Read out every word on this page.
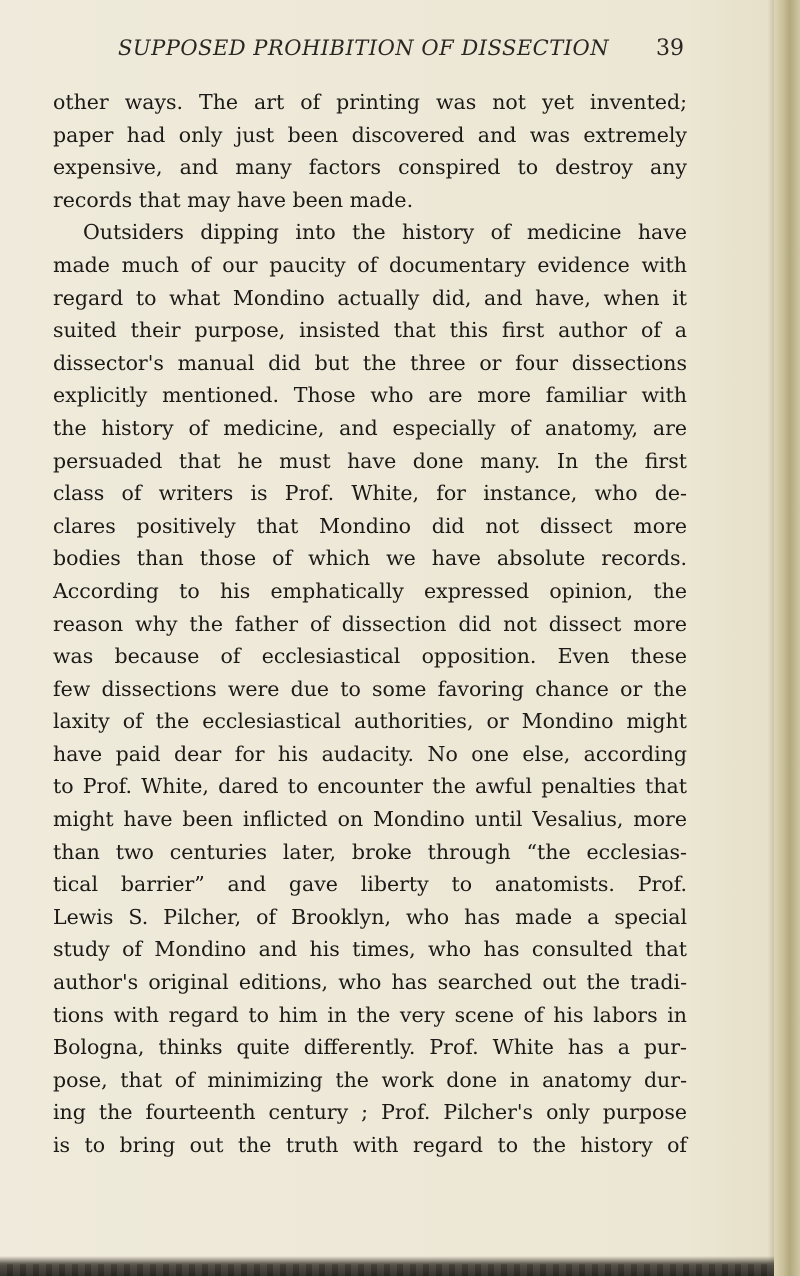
SUPPOSED PROHIBITION OF DISSECTION 39
other ways. The art of printing was not yet invented;
paper had only just been discovered and was extremely
expensive, and many factors conspired to destroy any
records that may have been made.
Outsiders dipping into the history of medicine have
made much of our paucity of documentary evidence with
regard to what Mondino actually did, and have, when it
suited their purpose, insisted that this first author of a
dissector's manual did but the three or four dissections
explicitly mentioned. Those who are more familiar with
the history of medicine, and especially of anatomy, are
persuaded that he must have done many. In the first
class of writers is Prof. White, for instance, who de-
clares positively that Mondino did not dissect more
bodies than those of which we have absolute records.
According to his emphatically expressed opinion, the
reason why the father of dissection did not dissect more
was because of ecclesiastical opposition. Even these
few dissections were due to some favoring chance or the
laxity of the ecclesiastical authorities, or Mondino might
have paid dear for his audacity. No one else, according
to Prof. White, dared to encounter the awful penalties that
might have been inflicted on Mondino until Vesalius, more
than two centuries later, broke through “the ecclesias-
tical barrier” and gave liberty to anatomists. Prof.
Lewis S. Pilcher, of Brooklyn, who has made a special
study of Mondino and his times, who has consulted that
author's original editions, who has searched out the tradi-
tions with regard to him in the very scene of his labors in
Bologna, thinks quite differently. Prof. White has a pur-
pose, that of minimizing the work done in anatomy dur-
ing the fourteenth century ; Prof. Pilcher's only purpose
is to bring out the truth with regard to the history of
